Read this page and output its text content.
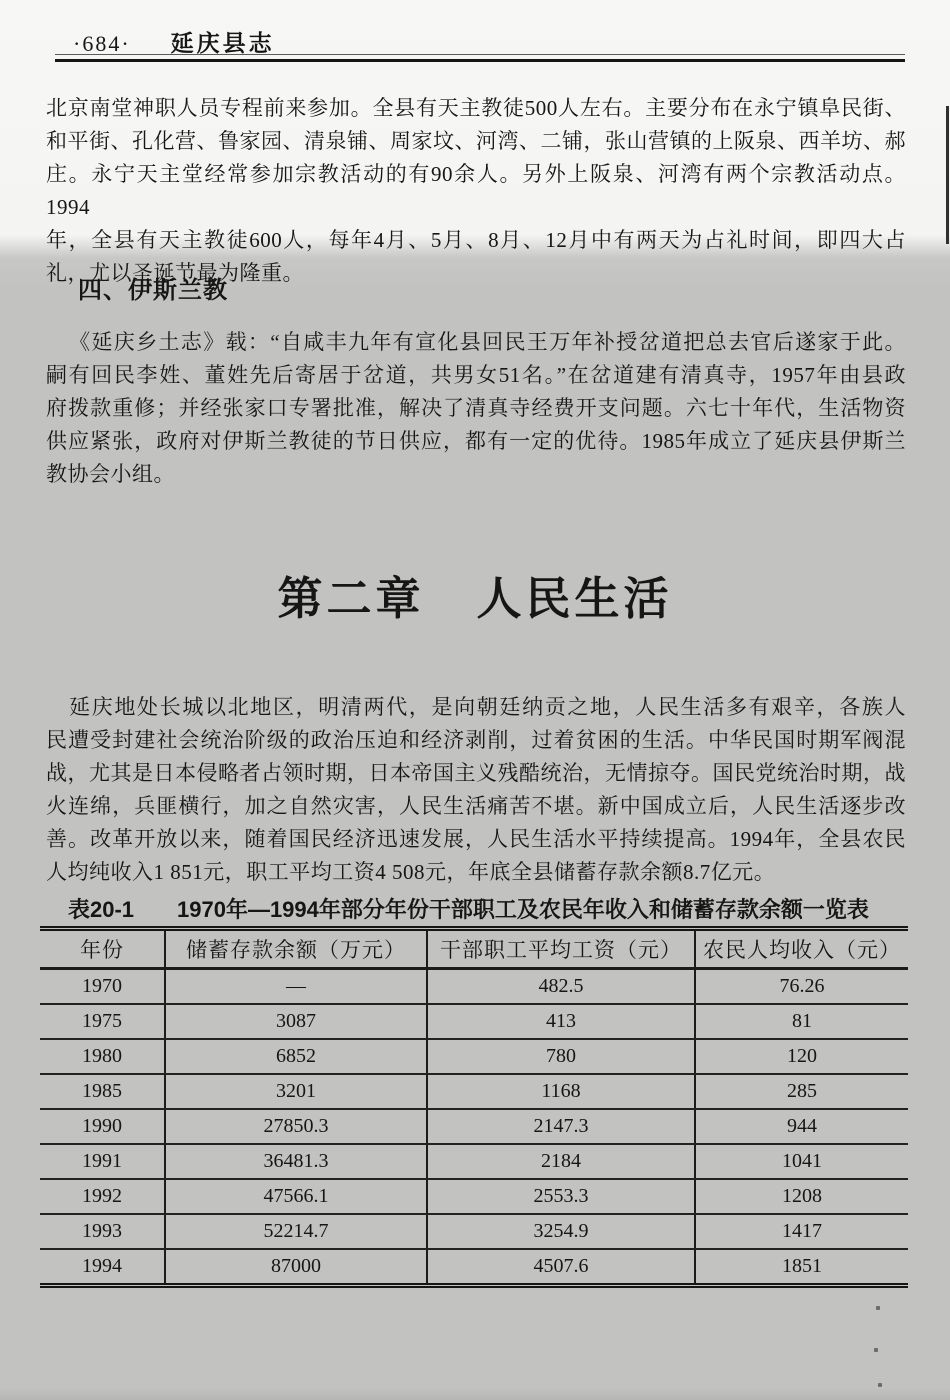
·684· 延庆县志
北京南堂神职人员专程前来参加。全县有天主教徒500人左右。主要分布在永宁镇阜民街、
和平街、孔化营、鲁家园、清泉铺、周家坟、河湾、二铺，张山营镇的上阪泉、西羊坊、郝
庄。永宁天主堂经常参加宗教活动的有90余人。另外上阪泉、河湾有两个宗教活动点。1994
年，全县有天主教徒600人，每年4月、5月、8月、12月中有两天为占礼时间，即四大占
礼，尤以圣诞节最为隆重。
四、伊斯兰教
《延庆乡土志》载：“自咸丰九年有宣化县回民王万年补授岔道把总去官后遂家于此。
嗣有回民李姓、董姓先后寄居于岔道，共男女51名。”在岔道建有清真寺，1957年由县政
府拨款重修；并经张家口专署批准，解决了清真寺经费开支问题。六七十年代，生活物资
供应紧张，政府对伊斯兰教徒的节日供应，都有一定的优待。1985年成立了延庆县伊斯兰
教协会小组。
第二章 人民生活
延庆地处长城以北地区，明清两代，是向朝廷纳贡之地，人民生活多有艰辛，各族人
民遭受封建社会统治阶级的政治压迫和经济剥削，过着贫困的生活。中华民国时期军阀混
战，尤其是日本侵略者占领时期，日本帝国主义残酷统治，无情掠夺。国民党统治时期，战
火连绵，兵匪横行，加之自然灾害，人民生活痛苦不堪。新中国成立后，人民生活逐步改
善。改革开放以来，随着国民经济迅速发展，人民生活水平持续提高。1994年，全县农民
人均纯收入1 851元，职工平均工资4 508元，年底全县储蓄存款余额8.7亿元。
表20-1 1970年—1994年部分年份干部职工及农民年收入和储蓄存款余额一览表
年份	储蓄存款余额（万元）	干部职工平均工资（元）	农民人均收入（元）
1970	—	482.5	76.26
1975	3087	413	81
1980	6852	780	120
1985	3201	1168	285
1990	27850.3	2147.3	944
1991	36481.3	2184	1041
1992	47566.1	2553.3	1208
1993	52214.7	3254.9	1417
1994	87000	4507.6	1851
